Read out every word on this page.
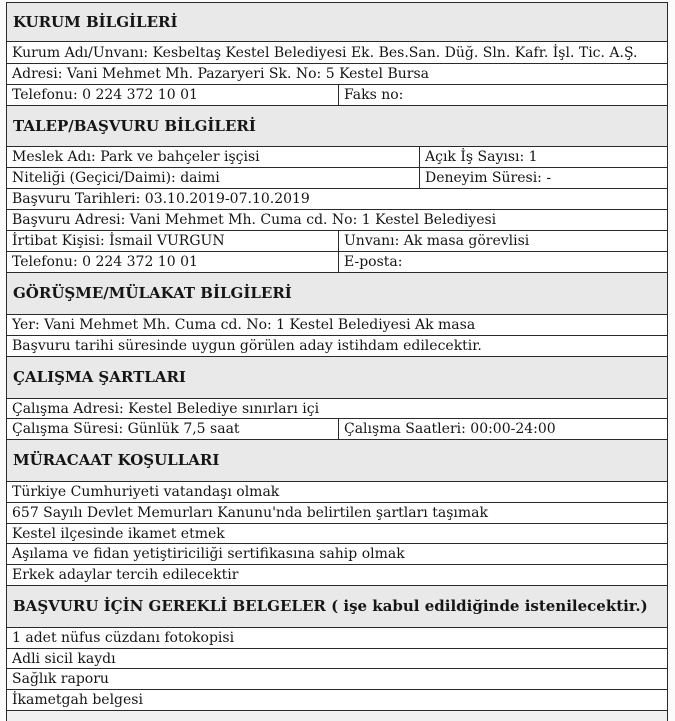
KURUM BİLGİLERİ
Kurum Adı/Unvanı: Kesbeltaş Kestel Belediyesi Ek. Bes.San. Düğ. Sln. Kafr. İşl. Tic. A.Ş.
Adresi: Vani Mehmet Mh. Pazaryeri Sk. No: 5 Kestel Bursa
Telefonu: 0 224 372 10 01	Faks no:
TALEP/BAŞVURU BİLGİLERİ
Meslek Adı: Park ve bahçeler işçisi	Açık İş Sayısı: 1
Niteliği (Geçici/Daimi): daimi	Deneyim Süresi: -
Başvuru Tarihleri: 03.10.2019-07.10.2019
Başvuru Adresi: Vani Mehmet Mh. Cuma cd. No: 1 Kestel Belediyesi
İrtibat Kişisi: İsmail VURGUN	Unvanı: Ak masa görevlisi
Telefonu: 0 224 372 10 01	E-posta:
GÖRÜŞME/MÜLAKAT BİLGİLERİ
Yer: Vani Mehmet Mh. Cuma cd. No: 1 Kestel Belediyesi Ak masa
Başvuru tarihi süresinde uygun görülen aday istihdam edilecektir.
ÇALIŞMA ŞARTLARI
Çalışma Adresi: Kestel Belediye sınırları içi
Çalışma Süresi: Günlük 7,5 saat	Çalışma Saatleri: 00:00-24:00
MÜRACAAT KOŞULLARI
Türkiye Cumhuriyeti vatandaşı olmak
657 Sayılı Devlet Memurları Kanunu'nda belirtilen şartları taşımak
Kestel ilçesinde ikamet etmek
Aşılama ve fidan yetiştiriciliği sertifikasına sahip olmak
Erkek adaylar tercih edilecektir
BAŞVURU İÇİN GEREKLİ BELGELER ( işe kabul edildiğinde istenilecektir.)
1 adet nüfus cüzdanı fotokopisi
Adli sicil kaydı
Sağlık raporu
İkametgah belgesi
